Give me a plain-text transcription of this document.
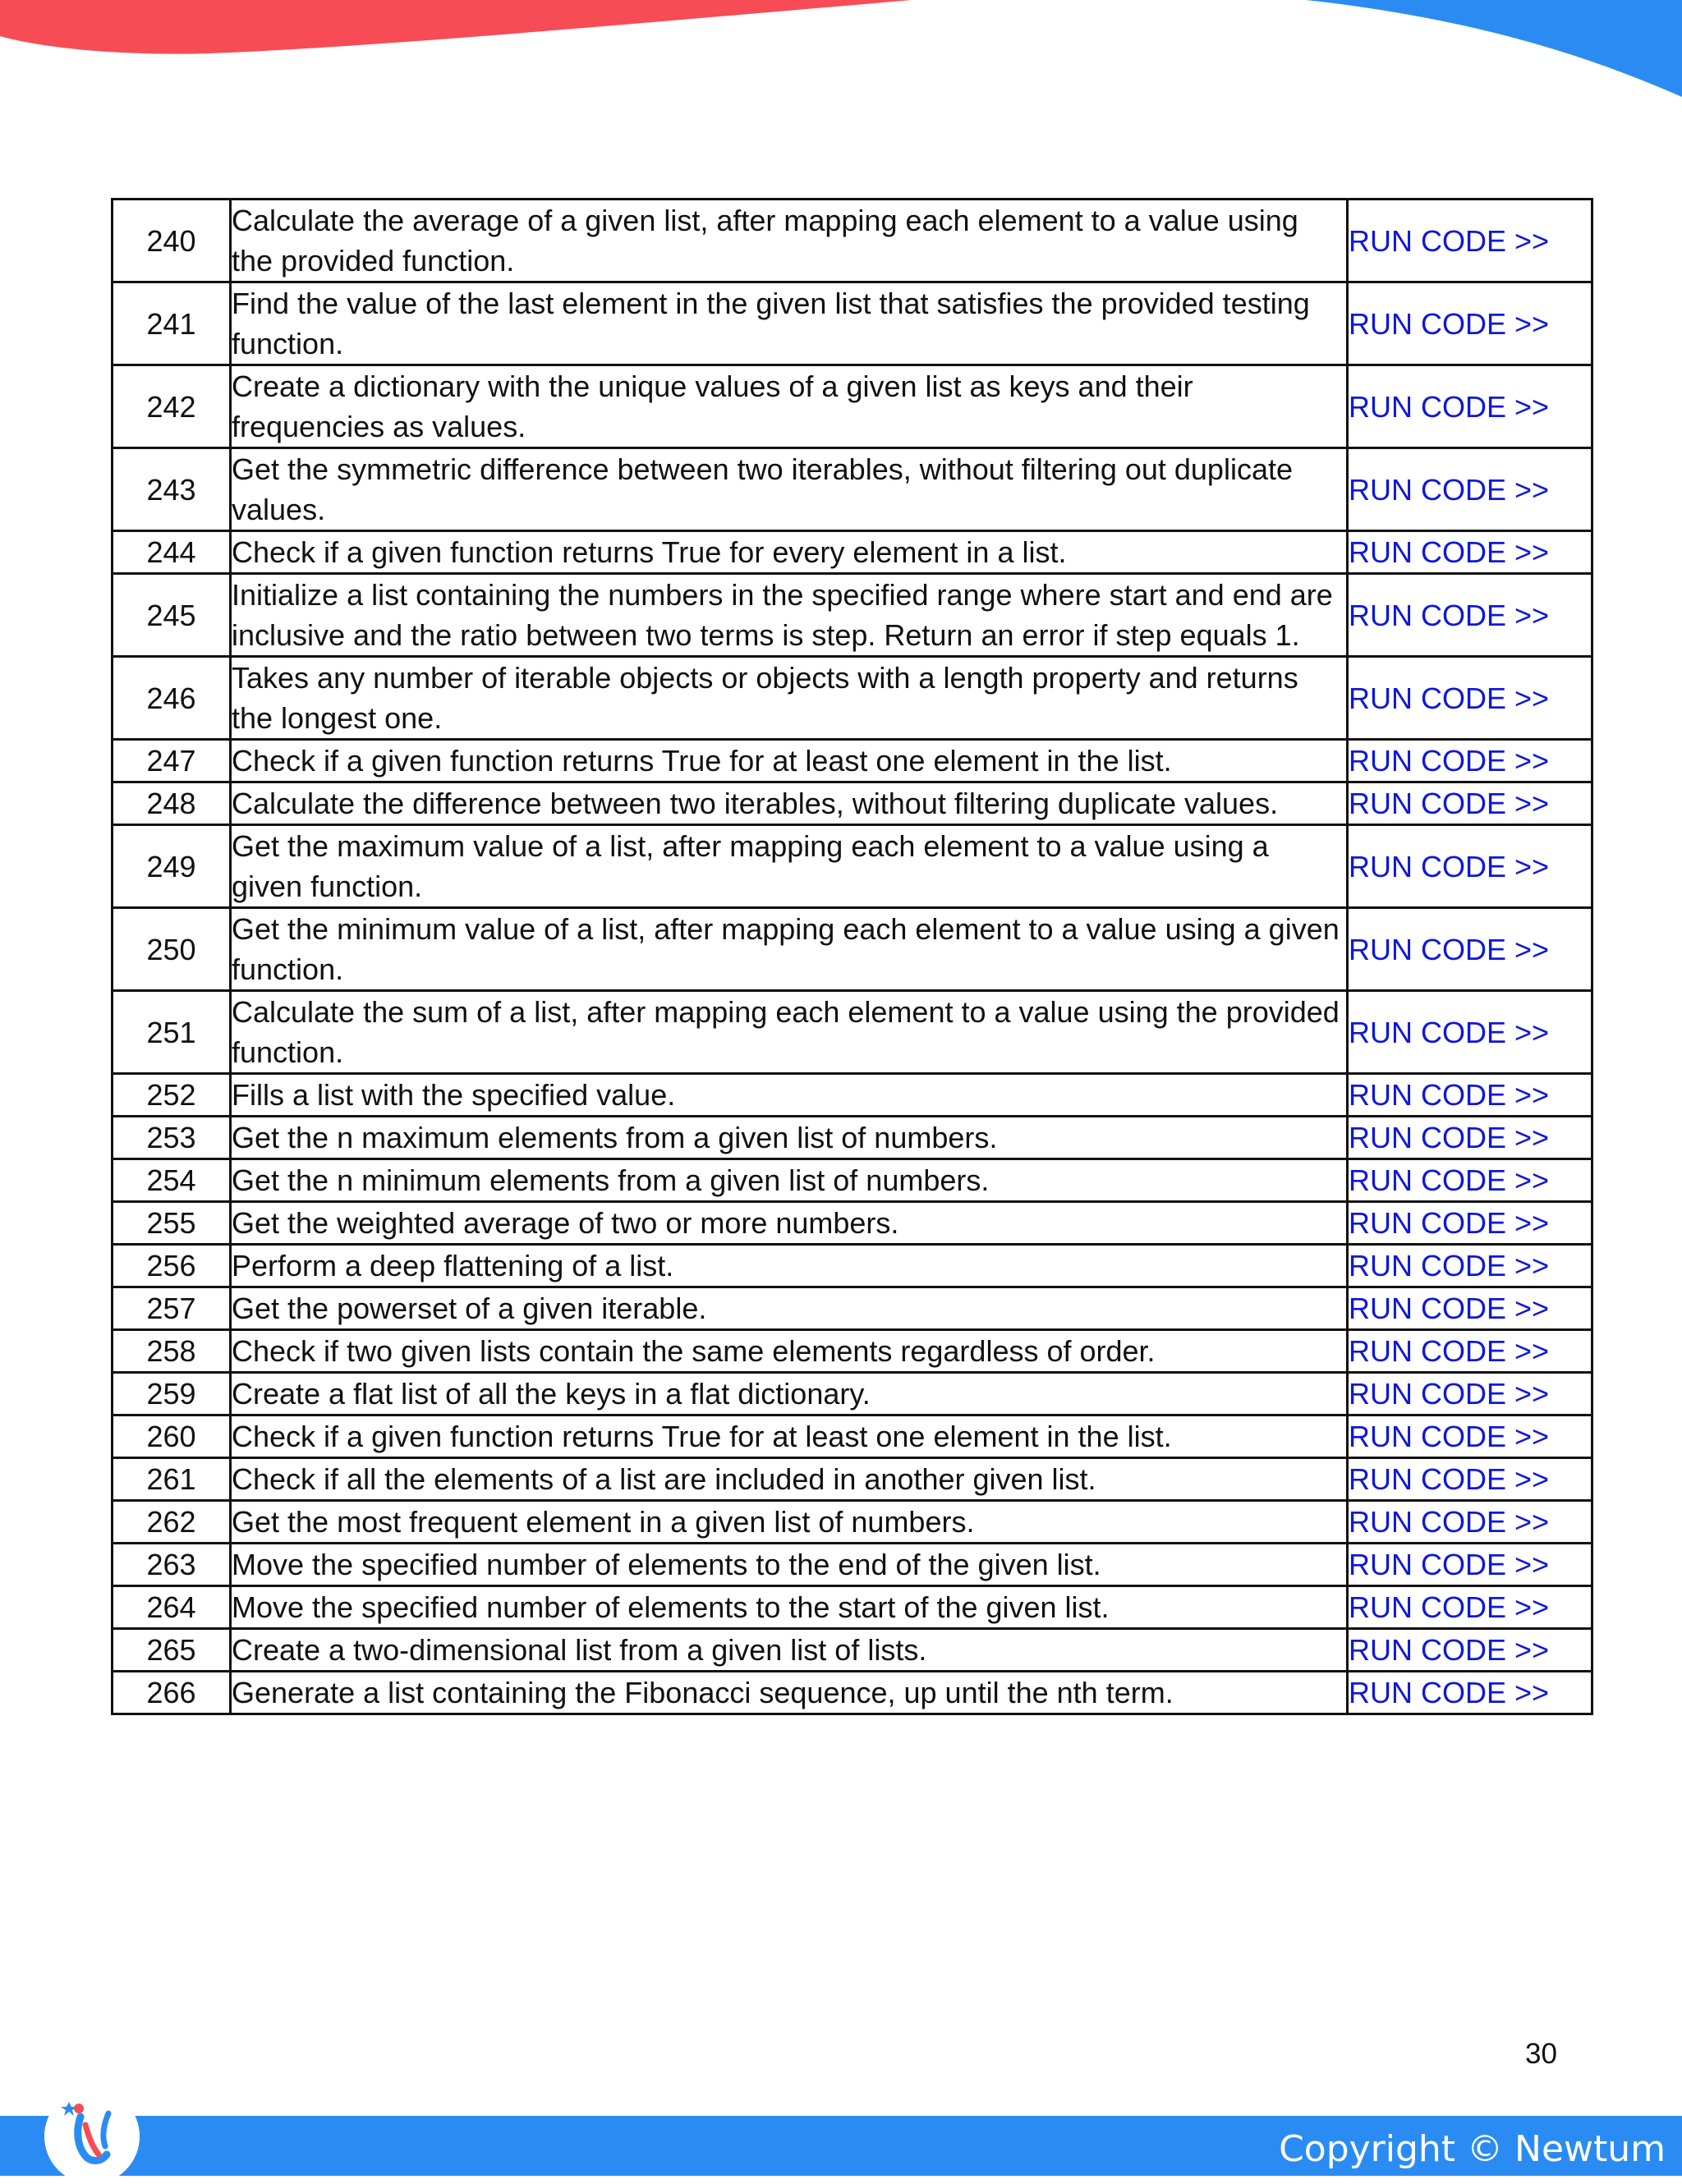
240	Calculate the average of a given list, after mapping each element to a value using the provided function.	RUN CODE >>
241	Find the value of the last element in the given list that satisfies the provided testing function.	RUN CODE >>
242	Create a dictionary with the unique values of a given list as keys and their frequencies as values.	RUN CODE >>
243	Get the symmetric difference between two iterables, without filtering out duplicate values.	RUN CODE >>
244	Check if a given function returns True for every element in a list.	RUN CODE >>
245	Initialize a list containing the numbers in the specified range where start and end are inclusive and the ratio between two terms is step. Return an error if step equals 1.	RUN CODE >>
246	Takes any number of iterable objects or objects with a length property and returns the longest one.	RUN CODE >>
247	Check if a given function returns True for at least one element in the list.	RUN CODE >>
248	Calculate the difference between two iterables, without filtering duplicate values.	RUN CODE >>
249	Get the maximum value of a list, after mapping each element to a value using a given function.	RUN CODE >>
250	Get the minimum value of a list, after mapping each element to a value using a given function.	RUN CODE >>
251	Calculate the sum of a list, after mapping each element to a value using the provided function.	RUN CODE >>
252	Fills a list with the specified value.	RUN CODE >>
253	Get the n maximum elements from a given list of numbers.	RUN CODE >>
254	Get the n minimum elements from a given list of numbers.	RUN CODE >>
255	Get the weighted average of two or more numbers.	RUN CODE >>
256	Perform a deep flattening of a list.	RUN CODE >>
257	Get the powerset of a given iterable.	RUN CODE >>
258	Check if two given lists contain the same elements regardless of order.	RUN CODE >>
259	Create a flat list of all the keys in a flat dictionary.	RUN CODE >>
260	Check if a given function returns True for at least one element in the list.	RUN CODE >>
261	Check if all the elements of a list are included in another given list.	RUN CODE >>
262	Get the most frequent element in a given list of numbers.	RUN CODE >>
263	Move the specified number of elements to the end of the given list.	RUN CODE >>
264	Move the specified number of elements to the start of the given list.	RUN CODE >>
265	Create a two-dimensional list from a given list of lists.	RUN CODE >>
266	Generate a list containing the Fibonacci sequence, up until the nth term.	RUN CODE >>
30
Copyright © Newtum
